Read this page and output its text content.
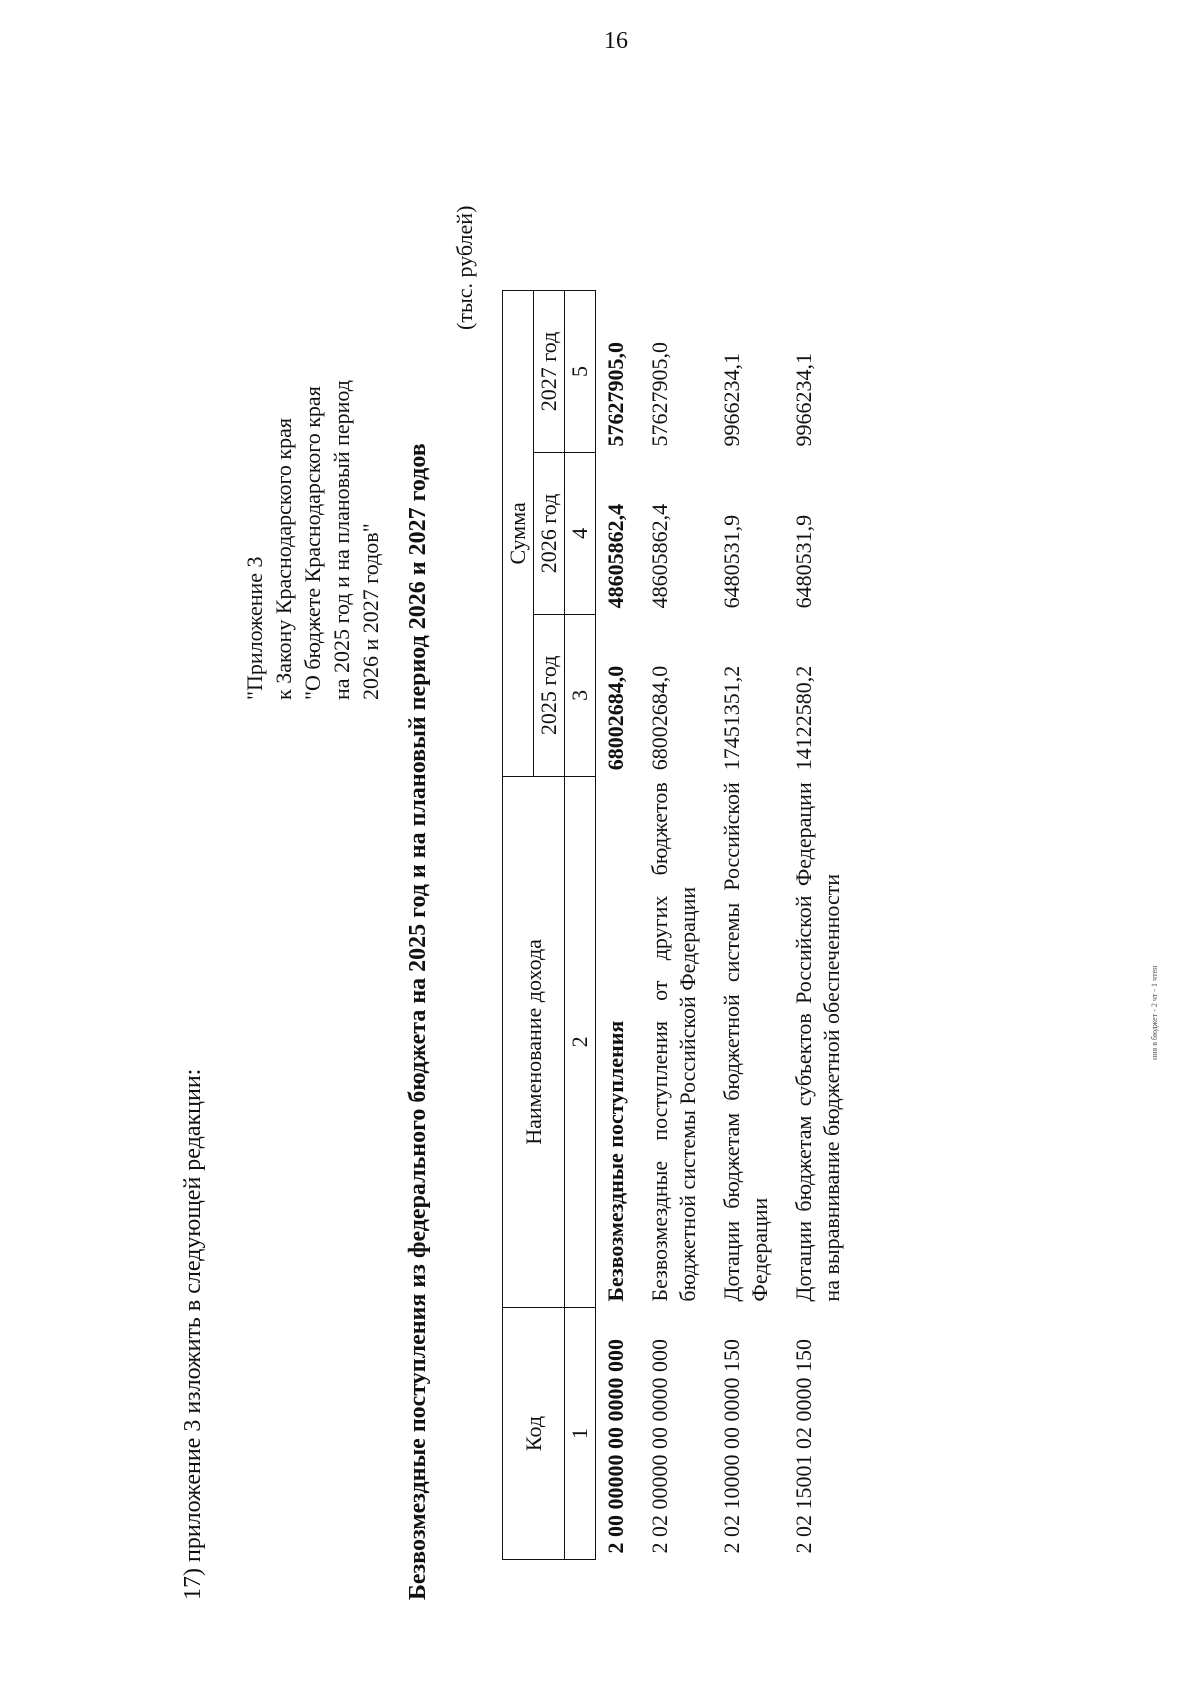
16
ния в бюджет - 2 чт - 1 чтен
17) приложение 3 изложить в следующей редакции:
"Приложение 3 к Закону Краснодарского края "О бюджете Краснодарского края на 2025 год и на плановый период 2026 и 2027 годов" Безвозмездные поступления из федерального бюджета на 2025 год и на плановый период 2026 и 2027 годов
(тыс. рублей)
Код	Наименование дохода	Сумма		
		2025 год	2026 год	2027 год
1	2	3	4	5
2 00 00000 00 0000 000	Безвозмездные поступления	68002684,0	48605862,4	57627905,0
2 02 00000 00 0000 000	Безвозмездные поступления от других бюджетов бюджетной системы Российской Федерации	68002684,0	48605862,4	57627905,0
2 02 10000 00 0000 150	Дотации бюджетам бюджетной системы Российской Федерации	17451351,2	6480531,9	9966234,1
2 02 15001 02 0000 150	Дотации бюджетам субъектов Российской Федерации на выравнивание бюджетной обеспеченности	14122580,2	6480531,9	9966234,1
